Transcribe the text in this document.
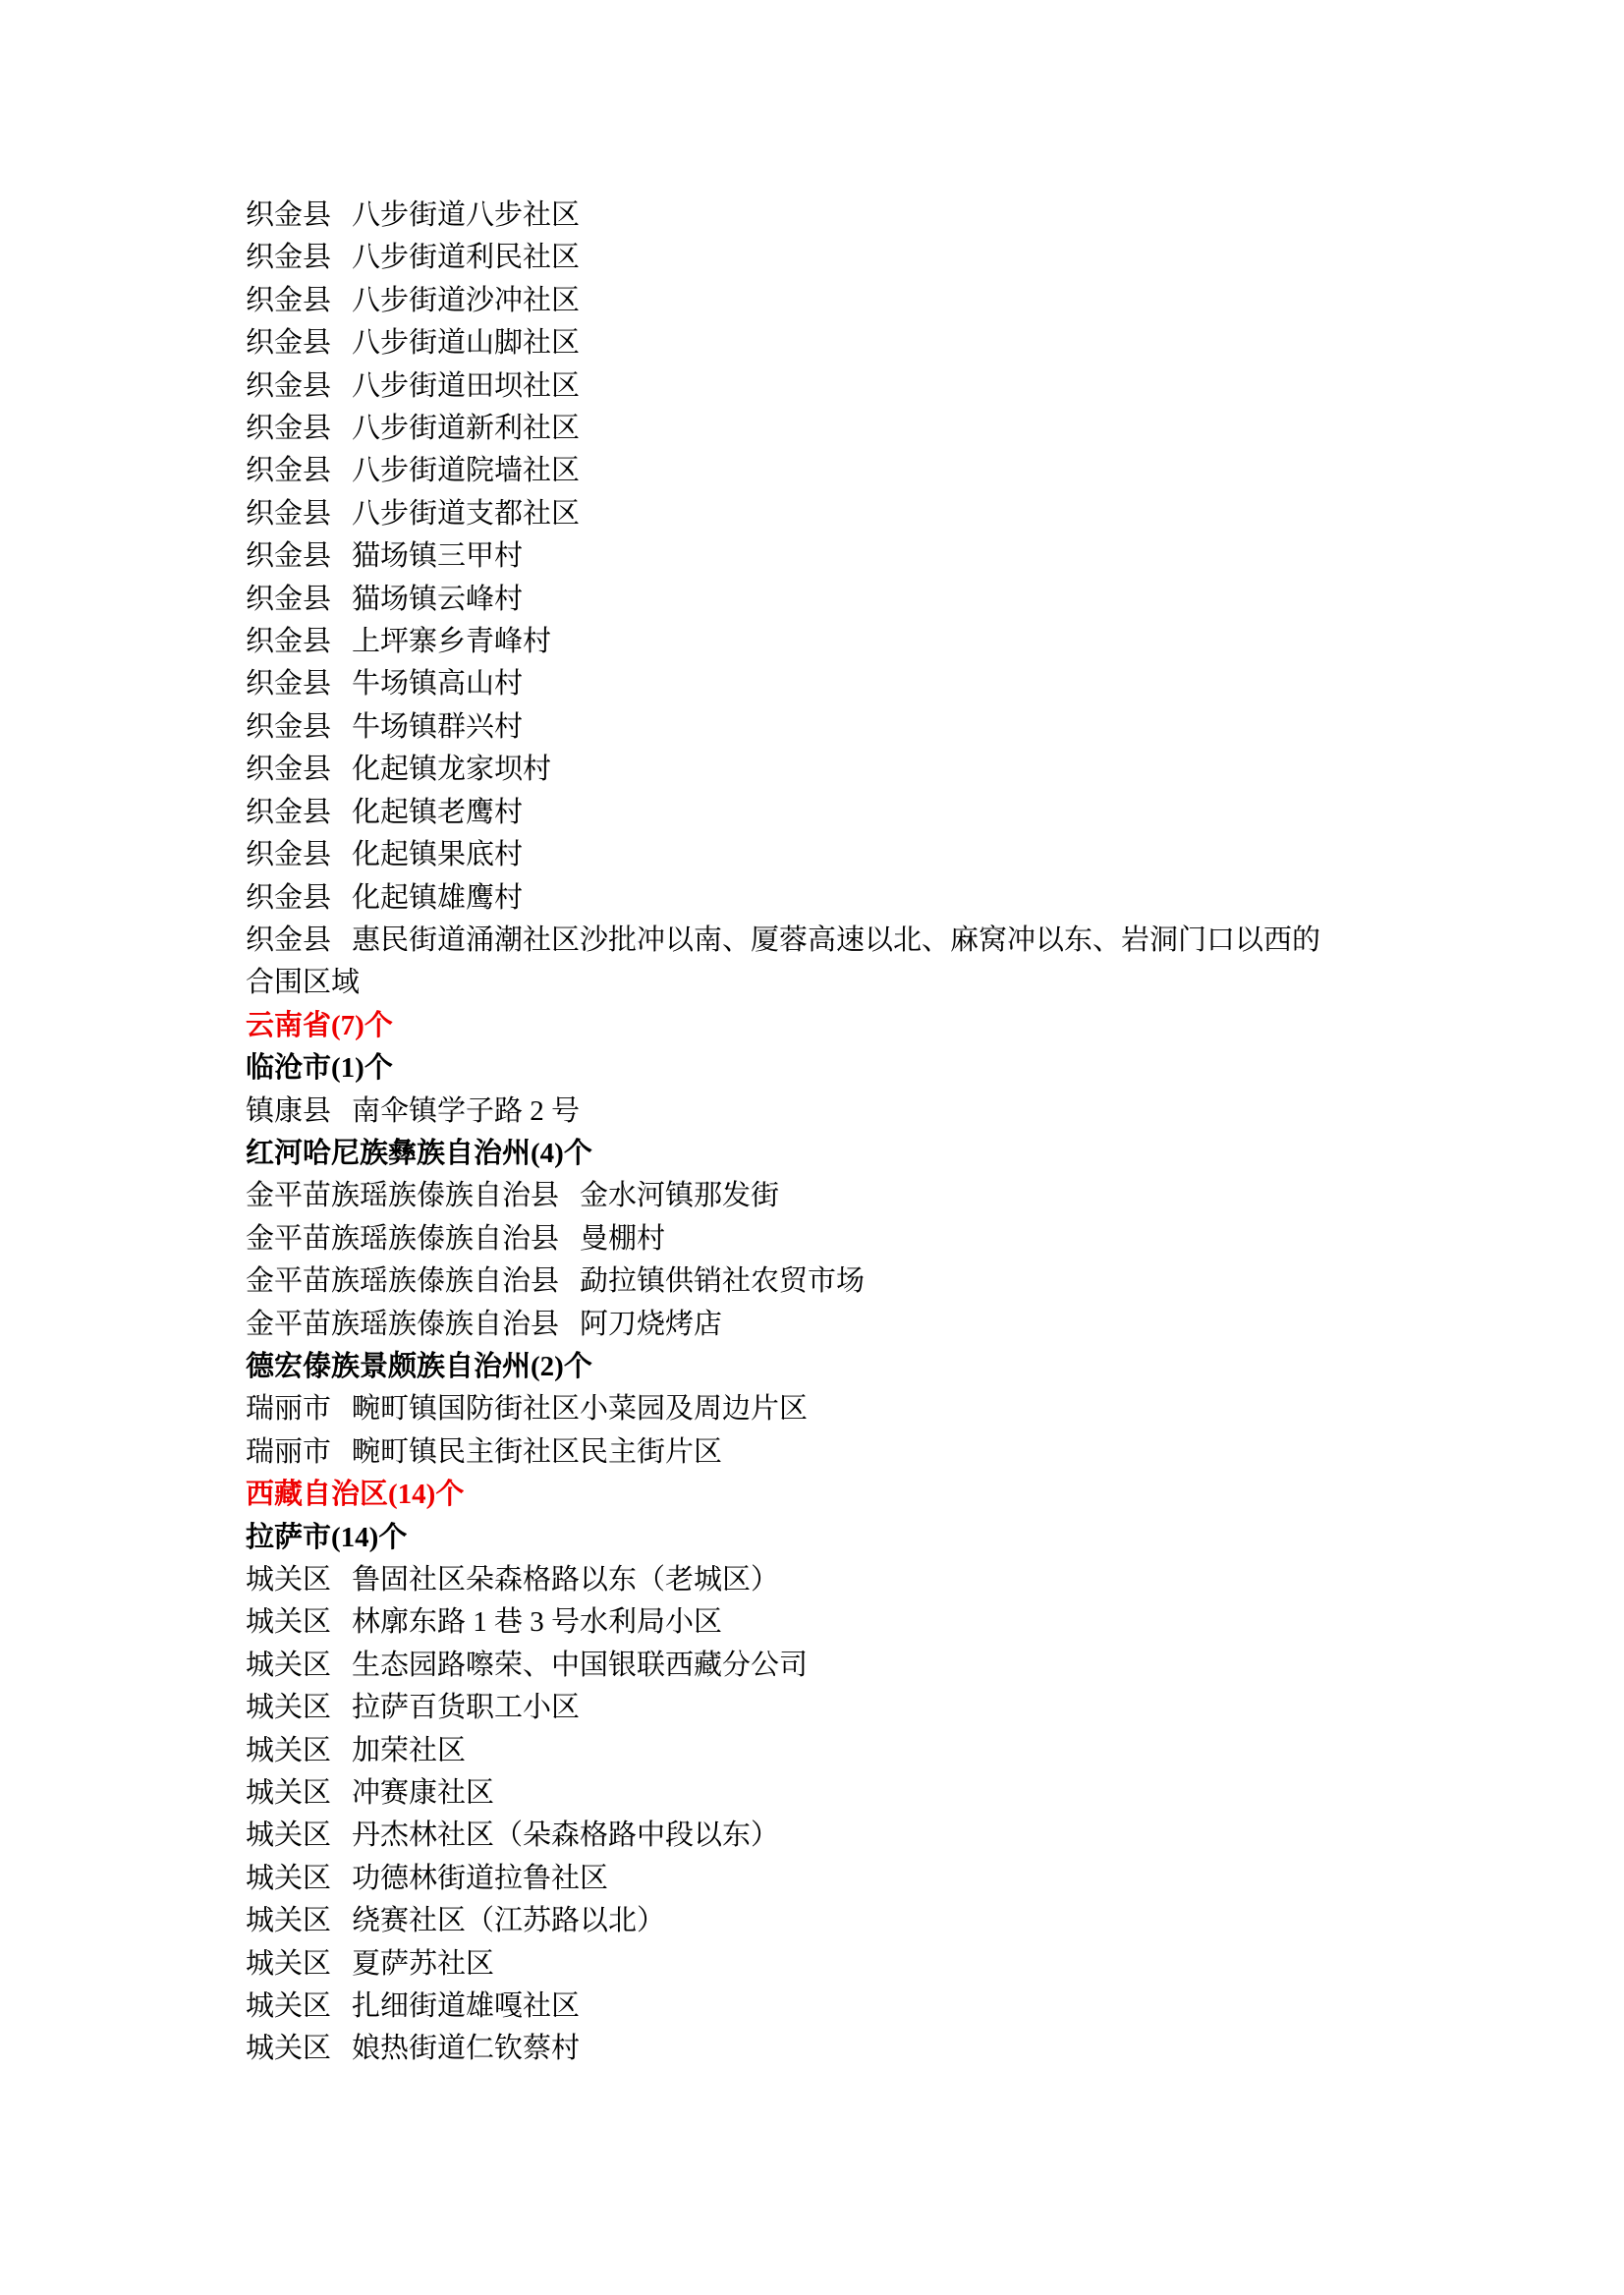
织金县 八步街道八步社区
织金县 八步街道利民社区
织金县 八步街道沙冲社区
织金县 八步街道山脚社区
织金县 八步街道田坝社区
织金县 八步街道新利社区
织金县 八步街道院墙社区
织金县 八步街道支都社区
织金县 猫场镇三甲村
织金县 猫场镇云峰村
织金县 上坪寨乡青峰村
织金县 牛场镇高山村
织金县 牛场镇群兴村
织金县 化起镇龙家坝村
织金县 化起镇老鹰村
织金县 化起镇果底村
织金县 化起镇雄鹰村
织金县 惠民街道涌潮社区沙批冲以南、厦蓉高速以北、麻窝冲以东、岩洞门口以西的合围区域
云南省(7)个
临沧市(1)个
镇康县 南伞镇学子路 2 号
红河哈尼族彝族自治州(4)个
金平苗族瑶族傣族自治县 金水河镇那发街
金平苗族瑶族傣族自治县 曼棚村
金平苗族瑶族傣族自治县 勐拉镇供销社农贸市场
金平苗族瑶族傣族自治县 阿刀烧烤店
德宏傣族景颇族自治州(2)个
瑞丽市 畹町镇国防街社区小菜园及周边片区
瑞丽市 畹町镇民主街社区民主街片区
西藏自治区(14)个
拉萨市(14)个
城关区 鲁固社区朵森格路以东（老城区）
城关区 林廓东路 1 巷 3 号水利局小区
城关区 生态园路嚓荣、中国银联西藏分公司
城关区 拉萨百货职工小区
城关区 加荣社区
城关区 冲赛康社区
城关区 丹杰林社区（朵森格路中段以东）
城关区 功德林街道拉鲁社区
城关区 绕赛社区（江苏路以北）
城关区 夏萨苏社区
城关区 扎细街道雄嘎社区
城关区 娘热街道仁钦蔡村
